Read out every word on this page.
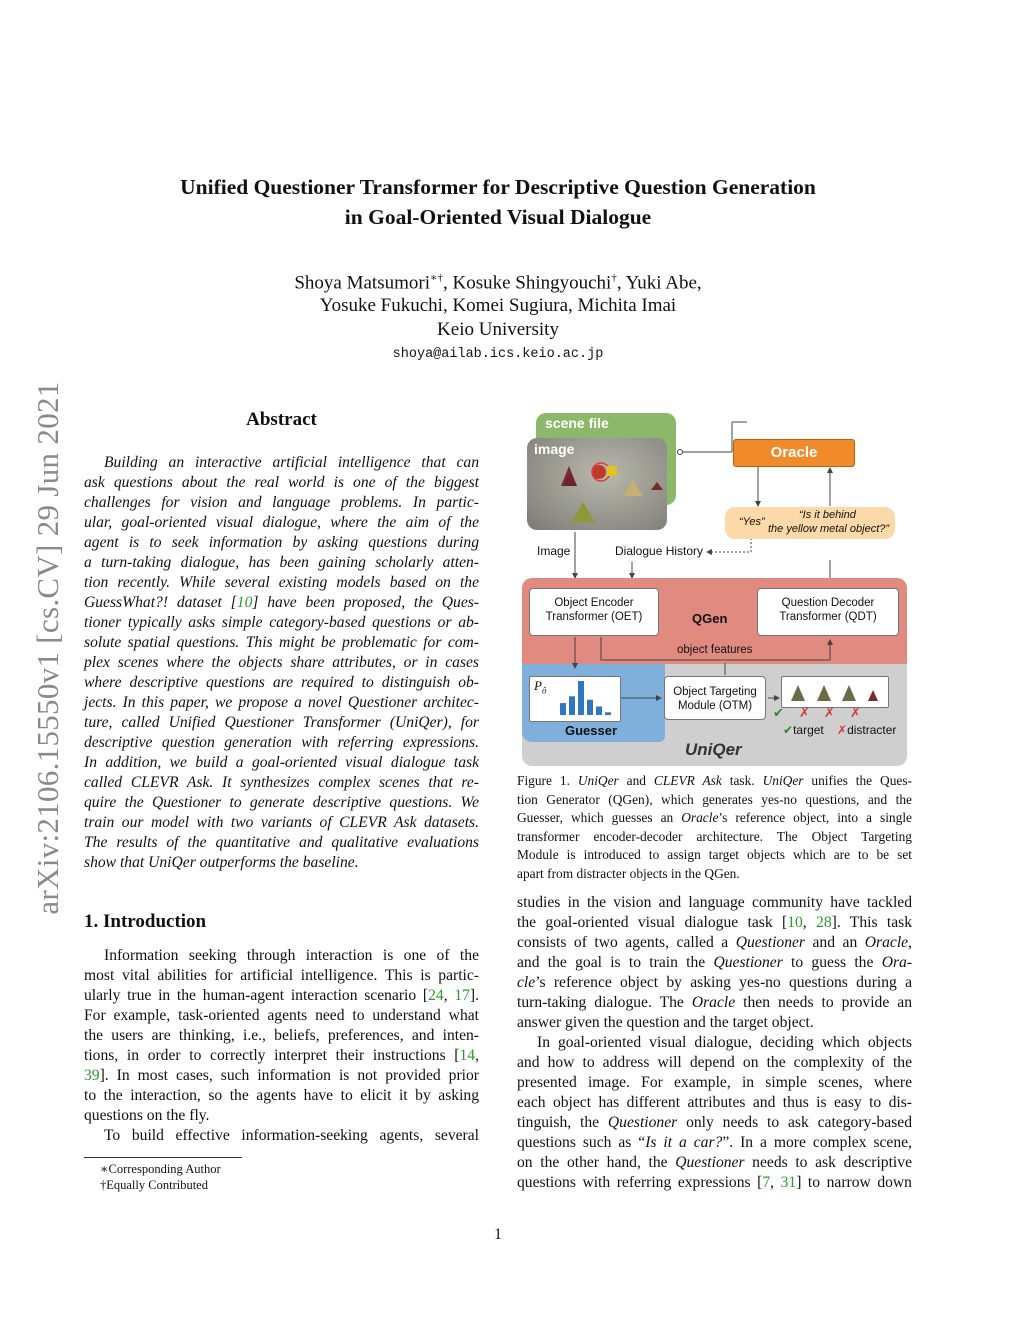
arXiv:2106.15550v1 [cs.CV] 29 Jun 2021
Unified Questioner Transformer for Descriptive Question Generation
in Goal-Oriented Visual Dialogue
Shoya Matsumori∗†, Kosuke Shingyouchi†, Yuki Abe,
Yosuke Fukuchi, Komei Sugiura, Michita Imai
Keio University
shoya@ailab.ics.keio.ac.jp
Abstract
Building an interactive artificial intelligence that can
ask questions about the real world is one of the biggest
challenges for vision and language problems. In partic-
ular, goal-oriented visual dialogue, where the aim of the
agent is to seek information by asking questions during
a turn-taking dialogue, has been gaining scholarly atten-
tion recently. While several existing models based on the
GuessWhat?! dataset [10] have been proposed, the Ques-
tioner typically asks simple category-based questions or ab-
solute spatial questions. This might be problematic for com-
plex scenes where the objects share attributes, or in cases
where descriptive questions are required to distinguish ob-
jects. In this paper, we propose a novel Questioner architec-
ture, called Unified Questioner Transformer (UniQer), for
descriptive question generation with referring expressions.
In addition, we build a goal-oriented visual dialogue task
called CLEVR Ask. It synthesizes complex scenes that re-
quire the Questioner to generate descriptive questions. We
train our model with two variants of CLEVR Ask datasets.
The results of the quantitative and qualitative evaluations
show that UniQer outperforms the baseline.
1. Introduction
Information seeking through interaction is one of the
most vital abilities for artificial intelligence. This is partic-
ularly true in the human-agent interaction scenario [24, 17].
For example, task-oriented agents need to understand what
the users are thinking, i.e., beliefs, preferences, and inten-
tions, in order to correctly interpret their instructions [14,
39]. In most cases, such information is not provided prior
to the interaction, so the agents have to elicit it by asking
questions on the fly.
To build effective information-seeking agents, several
studies in the vision and language community have tackled
the goal-oriented visual dialogue task [10, 28]. This task
consists of two agents, called a Questioner and an Oracle,
and the goal is to train the Questioner to guess the Ora-
cle’s reference object by asking yes-no questions during a
turn-taking dialogue. The Oracle then needs to provide an
answer given the question and the target object.
In goal-oriented visual dialogue, deciding which objects
and how to address will depend on the complexity of the
presented image. For example, in simple scenes, where
each object has different attributes and thus is easy to dis-
tinguish, the Questioner only needs to ask category-based
questions such as “Is it a car?”. In a more complex scene,
on the other hand, the Questioner needs to ask descriptive
questions with referring expressions [7, 31] to narrow down
∗Corresponding Author
†Equally Contributed
1
scene file
image	Oracle
“Yes”
“Is it behind
the yellow metal object?”
Image	Dialogue History
Object Encoder
Transformer (OET)	QGen
Question Decoder
Transformer (QDT)
object features
$P_ô$
Guesser
Object Targeting
Module (OTM)
✔target ✗distracter
UniQer
Figure 1. UniQer and CLEVR Ask task. UniQer unifies the Ques-
tion Generator (QGen), which generates yes-no questions, and the
Guesser, which guesses an Oracle’s reference object, into a single
transformer encoder-decoder architecture. The Object Targeting
Module is introduced to assign target objects which are to be set
apart from distracter objects in the QGen.
✔ ✗ ✗ ✗
